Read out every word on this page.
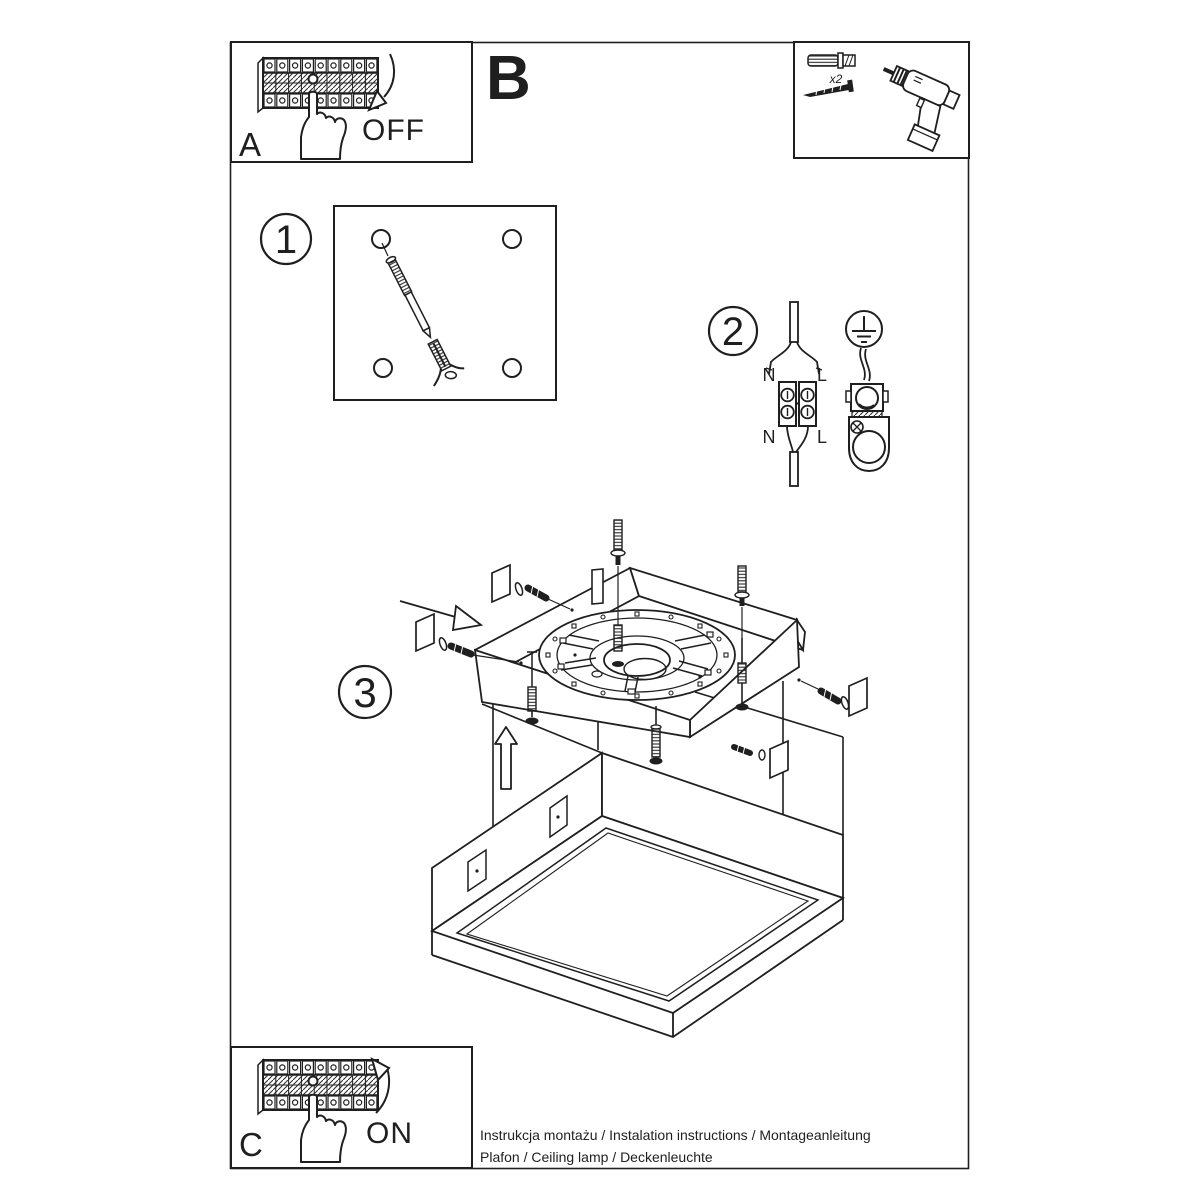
A	OFF
B	x2
1
2
N L
N L
3
C	ON	Instrukcja montażu / Instalation instructions / Montageanleitung
Plafon / Ceiling lamp / Deckenleuchte
